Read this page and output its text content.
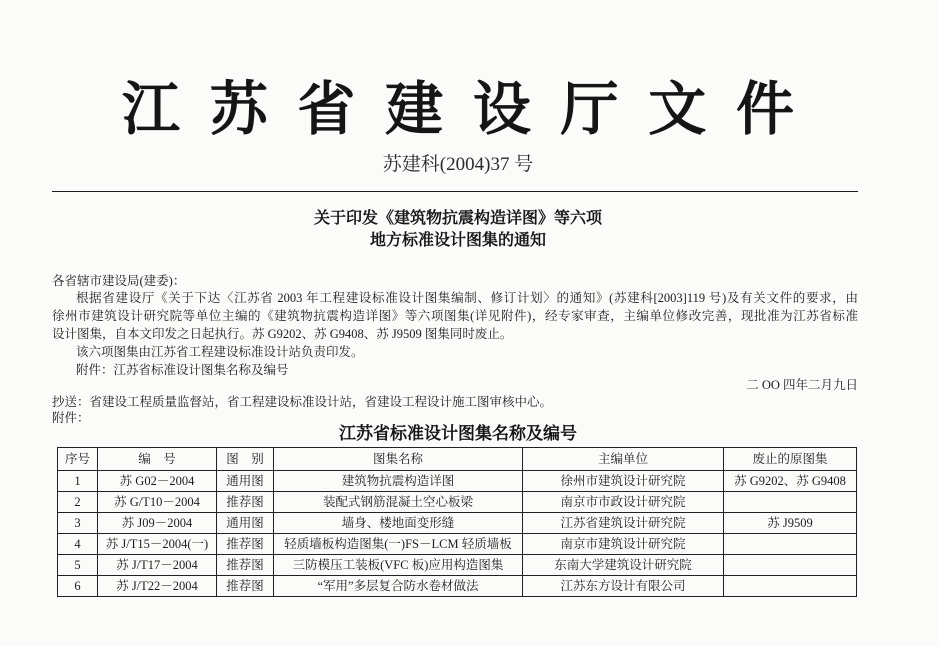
江 苏 省 建 设 厅 文 件
苏建科(2004)37 号
关于印发《建筑物抗震构造详图》等六项
地方标准设计图集的通知
各省辖市建设局(建委)：
根据省建设厅《关于下达〈江苏省 2003 年工程建设标准设计图集编制、修订计划〉的通知》(苏建科[2003]119 号)及有关文件的要求，由
徐州市建筑设计研究院等单位主编的《建筑物抗震构造详图》等六项图集(详见附件)，经专家审查，主编单位修改完善，现批准为江苏省标准
设计图集，自本文印发之日起执行。苏 G9202、苏 G9408、苏 J9509 图集同时废止。
该六项图集由江苏省工程建设标准设计站负责印发。
附件：江苏省标准设计图集名称及编号
二 OO 四年二月九日
抄送：省建设工程质量监督站，省工程建设标准设计站，省建设工程设计施工图审核中心。
附件：
江苏省标准设计图集名称及编号
序号	编　号	图　别	图集名称	主编单位	废止的原图集
1	苏 G02－2004	通用图	建筑物抗震构造详图	徐州市建筑设计研究院	苏 G9202、苏 G9408
2	苏 G/T10－2004	推荐图	装配式钢筋混凝土空心板梁	南京市市政设计研究院	
3	苏 J09－2004	通用图	墙身、楼地面变形缝	江苏省建筑设计研究院	苏 J9509
4	苏 J/T15－2004(一)	推荐图	轻质墙板构造图集(一)FS－LCM 轻质墙板	南京市建筑设计研究院	
5	苏 J/T17－2004	推荐图	三防模压工装板(VFC 板)应用构造图集	东南大学建筑设计研究院	
6	苏 J/T22－2004	推荐图	“军用”多层复合防水卷材做法	江苏东方设计有限公司	
